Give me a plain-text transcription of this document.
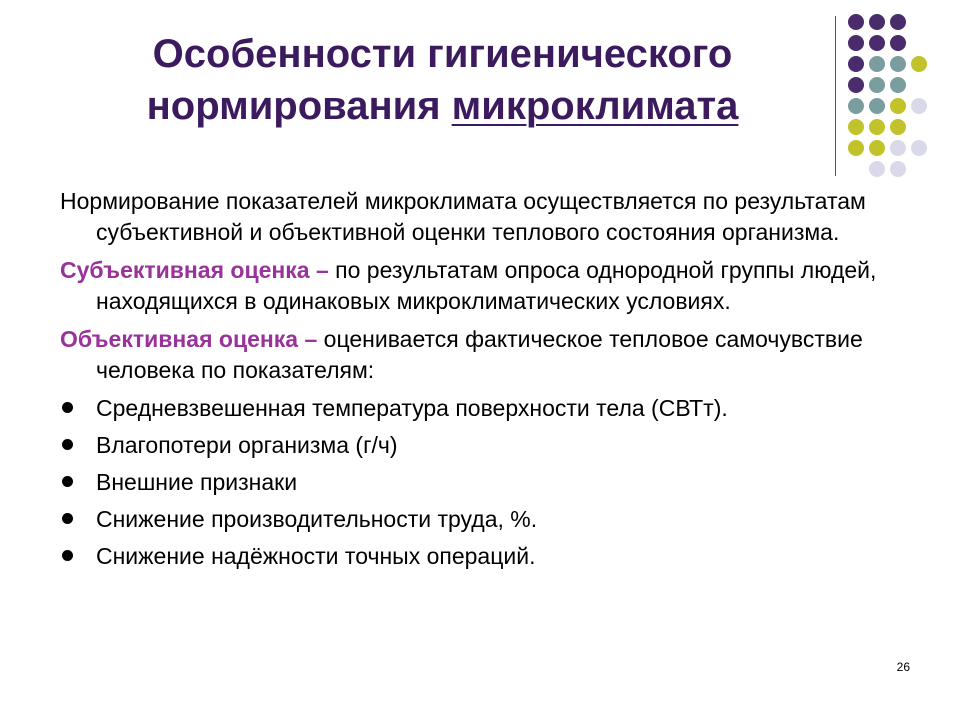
Особенности гигиенического
нормирования микроклимата

Нормирование показателей микроклимата осуществляется по результатам субъективной и объективной оценки теплового состояния организма.

Субъективная оценка – по результатам опроса однородной группы людей, находящихся в одинаковых микроклиматических условиях.

Объективная оценка – оценивается фактическое тепловое самочувствие человека по показателям:

Средневзвешенная температура поверхности тела (СВТт).
Влагопотери организма (г/ч)
Внешние признаки
Снижение производительности труда, %.
Снижение надёжности точных операций.
26
